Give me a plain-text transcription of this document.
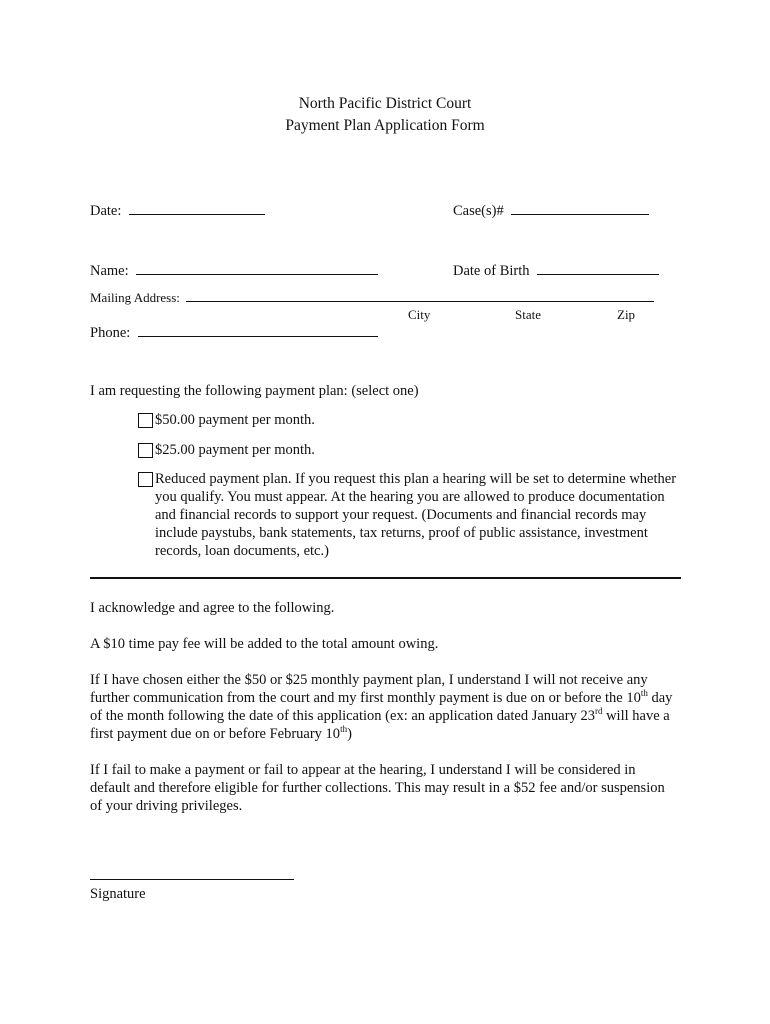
North Pacific District Court
Payment Plan Application Form
Date:	Case(s)#
Name:	Date of Birth
Mailing Address:
City	State	Zip
Phone:
I am requesting the following payment plan: (select one)
$50.00 payment per month.
$25.00 payment per month.
Reduced payment plan. If you request this plan a hearing will be set to determine whether you qualify. You must appear. At the hearing you are allowed to produce documentation and financial records to support your request. (Documents and financial records may include paystubs, bank statements, tax returns, proof of public assistance, investment records, loan documents, etc.)
I acknowledge and agree to the following.
A $10 time pay fee will be added to the total amount owing.
If I have chosen either the $50 or $25 monthly payment plan, I understand I will not receive any further communication from the court and my first monthly payment is due on or before the 10th day of the month following the date of this application (ex: an application dated January 23rd will have a first payment due on or before February 10th)
If I fail to make a payment or fail to appear at the hearing, I understand I will be considered in default and therefore eligible for further collections. This may result in a $52 fee and/or suspension of your driving privileges.
Signature
